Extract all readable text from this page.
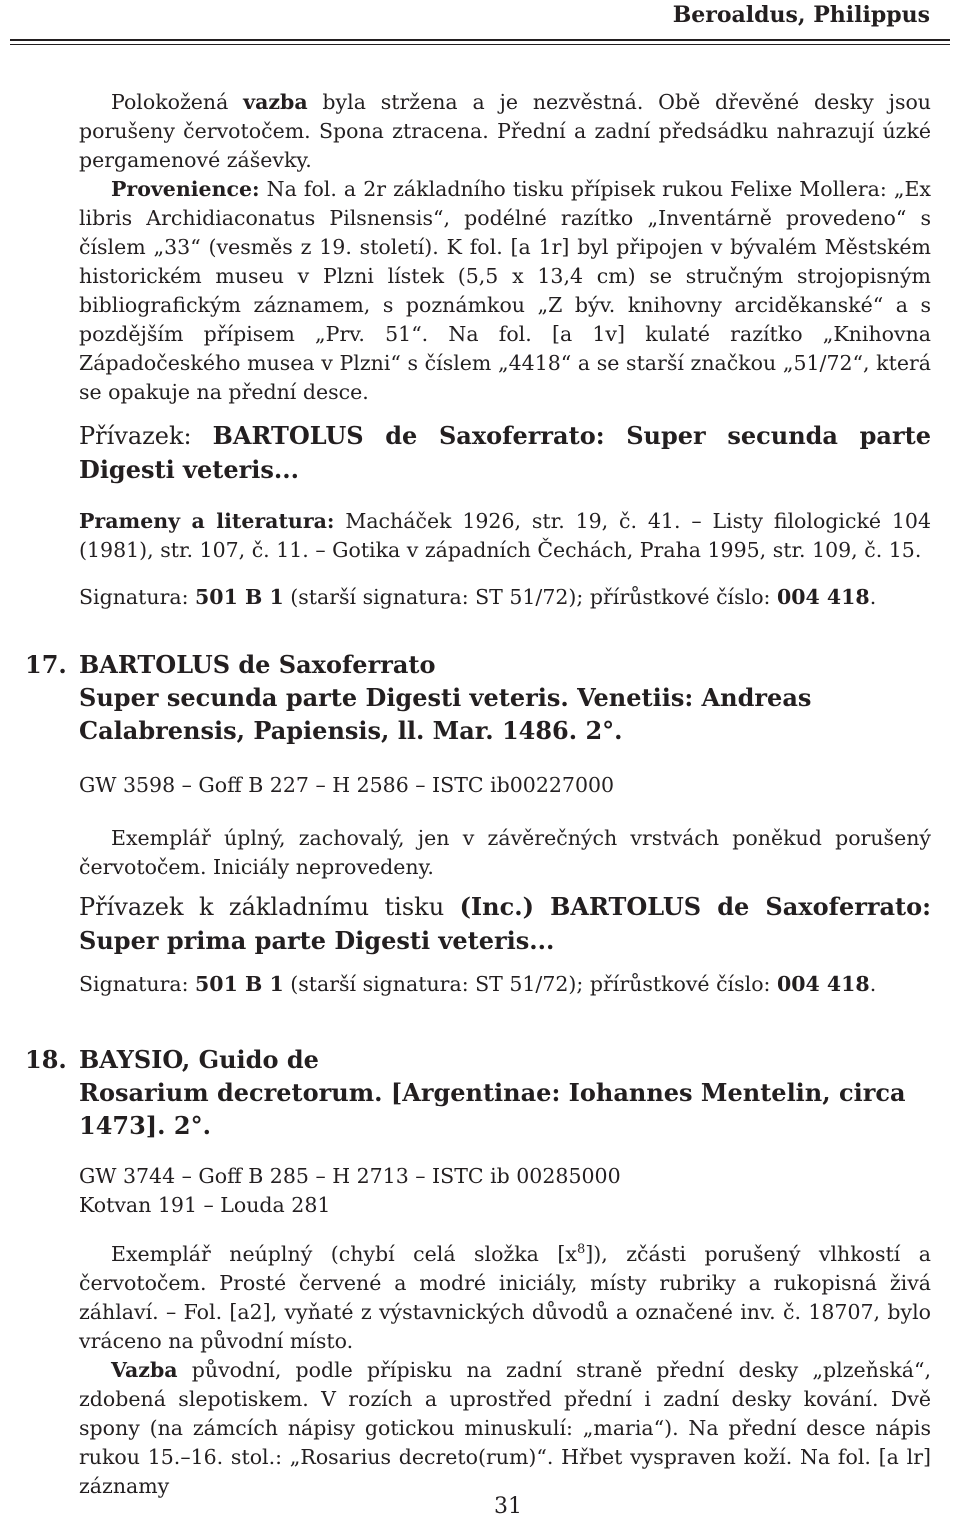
Beroaldus, Philippus

Polokožená vazba byla stržena a je nezvěstná. Obě dřevěné desky jsou porušeny červotočem. Spona ztracena. Přední a zadní předsádku nahrazují úzké pergamenové záševky.

Provenience: Na fol. a 2r základního tisku přípisek rukou Felixe Mollera: „Ex libris Archidiaconatus Pilsnensis“, podélné razítko „Inventárně provedeno“ s číslem „33“ (vesměs z 19. století). K fol. [a 1r] byl připojen v bývalém Městském historickém museu v Plzni lístek (5,5 x 13,4 cm) se stručným strojopisným bibliografickým záznamem, s poznámkou „Z býv. knihovny arciděkanské“ a s pozdějším přípisem „Prv. 51“. Na fol. [a 1v] kulaté razítko „Knihovna Západočeského musea v Plzni“ s číslem „4418“ a se starší značkou „51/72“, která se opakuje na přední desce.

Přívazek: BARTOLUS de Saxoferrato: Super secunda parte Digesti veteris...

Prameny a literatura: Macháček 1926, str. 19, č. 41. – Listy filologické 104 (1981), str. 107, č. 11. – Gotika v západních Čechách, Praha 1995, str. 109, č. 15.

Signatura: 501 B 1 (starší signatura: ST 51/72); přírůstkové číslo: 004 418.

17. BARTOLUS de Saxoferrato
Super secunda parte Digesti veteris. Venetiis: Andreas Calabrensis, Papiensis, ll. Mar. 1486. 2°.

GW 3598 – Goff B 227 – H 2586 – ISTC ib00227000

Exemplář úplný, zachovalý, jen v závěrečných vrstvách poněkud porušený červotočem. Iniciály neprovedeny.

Přívazek k základnímu tisku (Inc.) BARTOLUS de Saxoferrato: Super prima parte Digesti veteris...

Signatura: 501 B 1 (starší signatura: ST 51/72); přírůstkové číslo: 004 418.

18. BAYSIO, Guido de
Rosarium decretorum. [Argentinae: Iohannes Mentelin, circa 1473]. 2°.

GW 3744 – Goff B 285 – H 2713 – ISTC ib 00285000

Kotvan 191 – Louda 281

Exemplář neúplný (chybí celá složka $[x^8]$), zčásti porušený vlhkostí a červotočem. Prosté červené a modré iniciály, místy rubriky a rukopisná živá záhlaví. – Fol. [a2], vyňaté z výstavnických důvodů a označené inv. č. 18707, bylo vráceno na původní místo.

Vazba původní, podle přípisku na zadní straně přední desky „plzeňská“, zdobená slepotiskem. V rozích a uprostřed přední i zadní desky kování. Dvě spony (na zámcích nápisy gotickou minuskulí: „maria“). Na přední desce nápis rukou 15.–16. stol.: „Rosarius decreto(rum)“. Hřbet vyspraven koží. Na fol. [a lr] záznamy

31
